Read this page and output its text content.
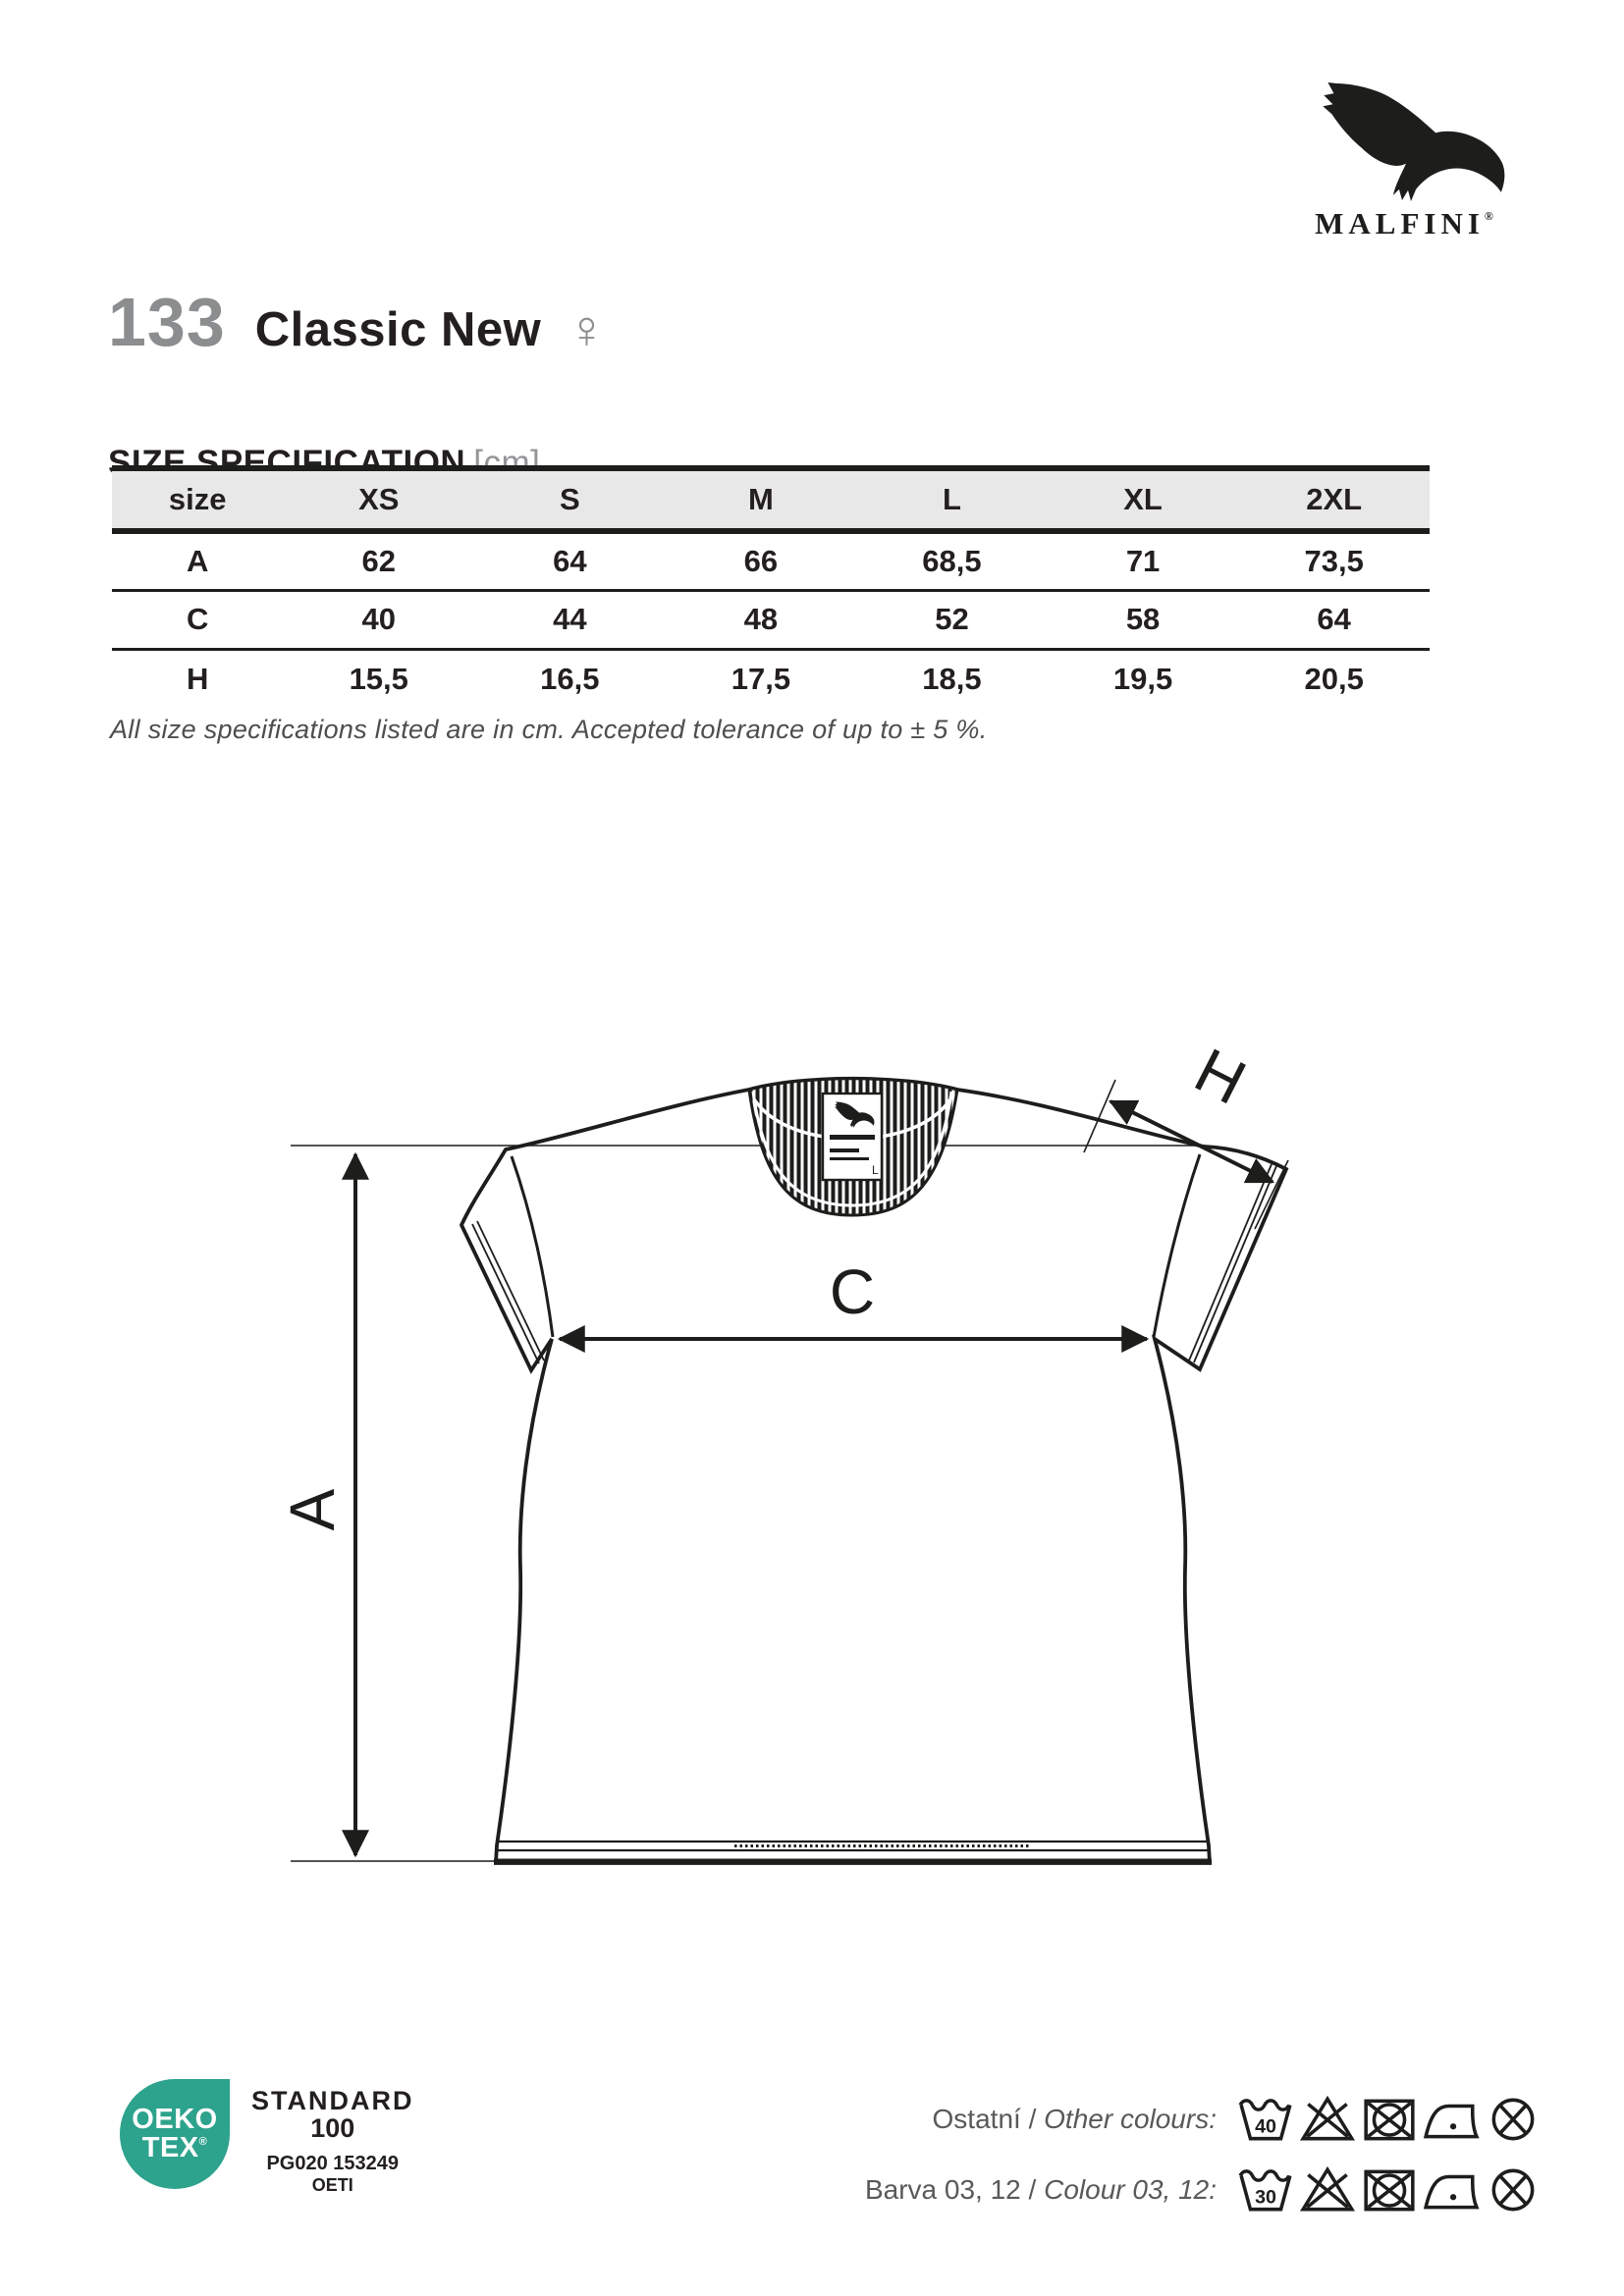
MALFINI®
133 Classic New ♀
SIZE SPECIFICATION [cm]
size	XS	S	M	L	XL	2XL
A	62	64	66	68,5	71	73,5
C	40	44	48	52	58	64
H	15,5	16,5	17,5	18,5	19,5	20,5
All size specifications listed are in cm. Accepted tolerance of up to ± 5 %.
L
A
C
H
OEKO
TEX®
STANDARD
100
PG020 153249
OETI
Ostatní / Other colours: 40
Barva 03, 12 / Colour 03, 12: 30
